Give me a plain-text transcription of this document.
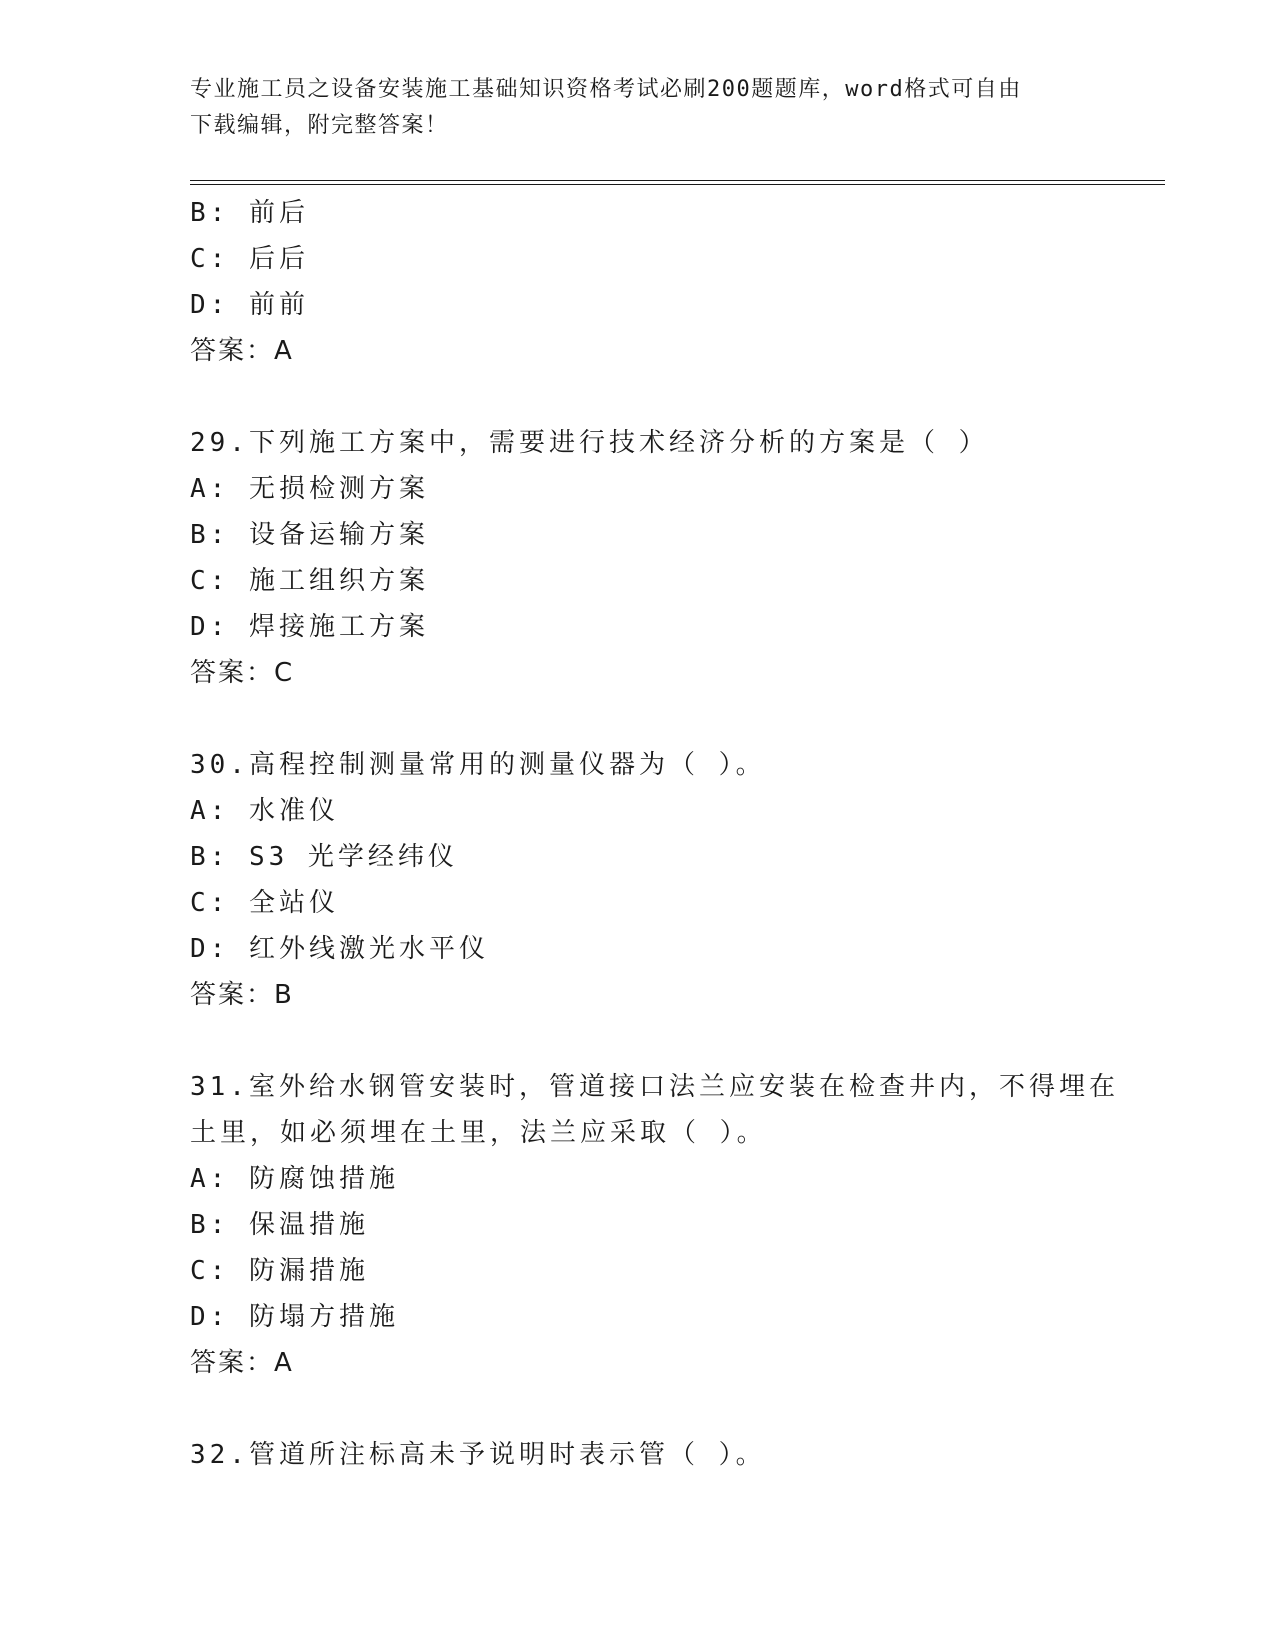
专业施工员之设备安装施工基础知识资格考试必刷200题题库，word格式可自由
下载编辑，附完整答案！
B: 前后
C: 后后
D: 前前
答案：A
29.下列施工方案中，需要进行技术经济分析的方案是（ ）
A: 无损检测方案
B: 设备运输方案
C: 施工组织方案
D: 焊接施工方案
答案：C
30.高程控制测量常用的测量仪器为（ ）。
A: 水准仪
B: S3 光学经纬仪
C: 全站仪
D: 红外线激光水平仪
答案：B
31.室外给水钢管安装时，管道接口法兰应安装在检查井内，不得埋在
土里，如必须埋在土里，法兰应采取（ ）。
A: 防腐蚀措施
B: 保温措施
C: 防漏措施
D: 防塌方措施
答案：A
32.管道所注标高未予说明时表示管（ ）。
